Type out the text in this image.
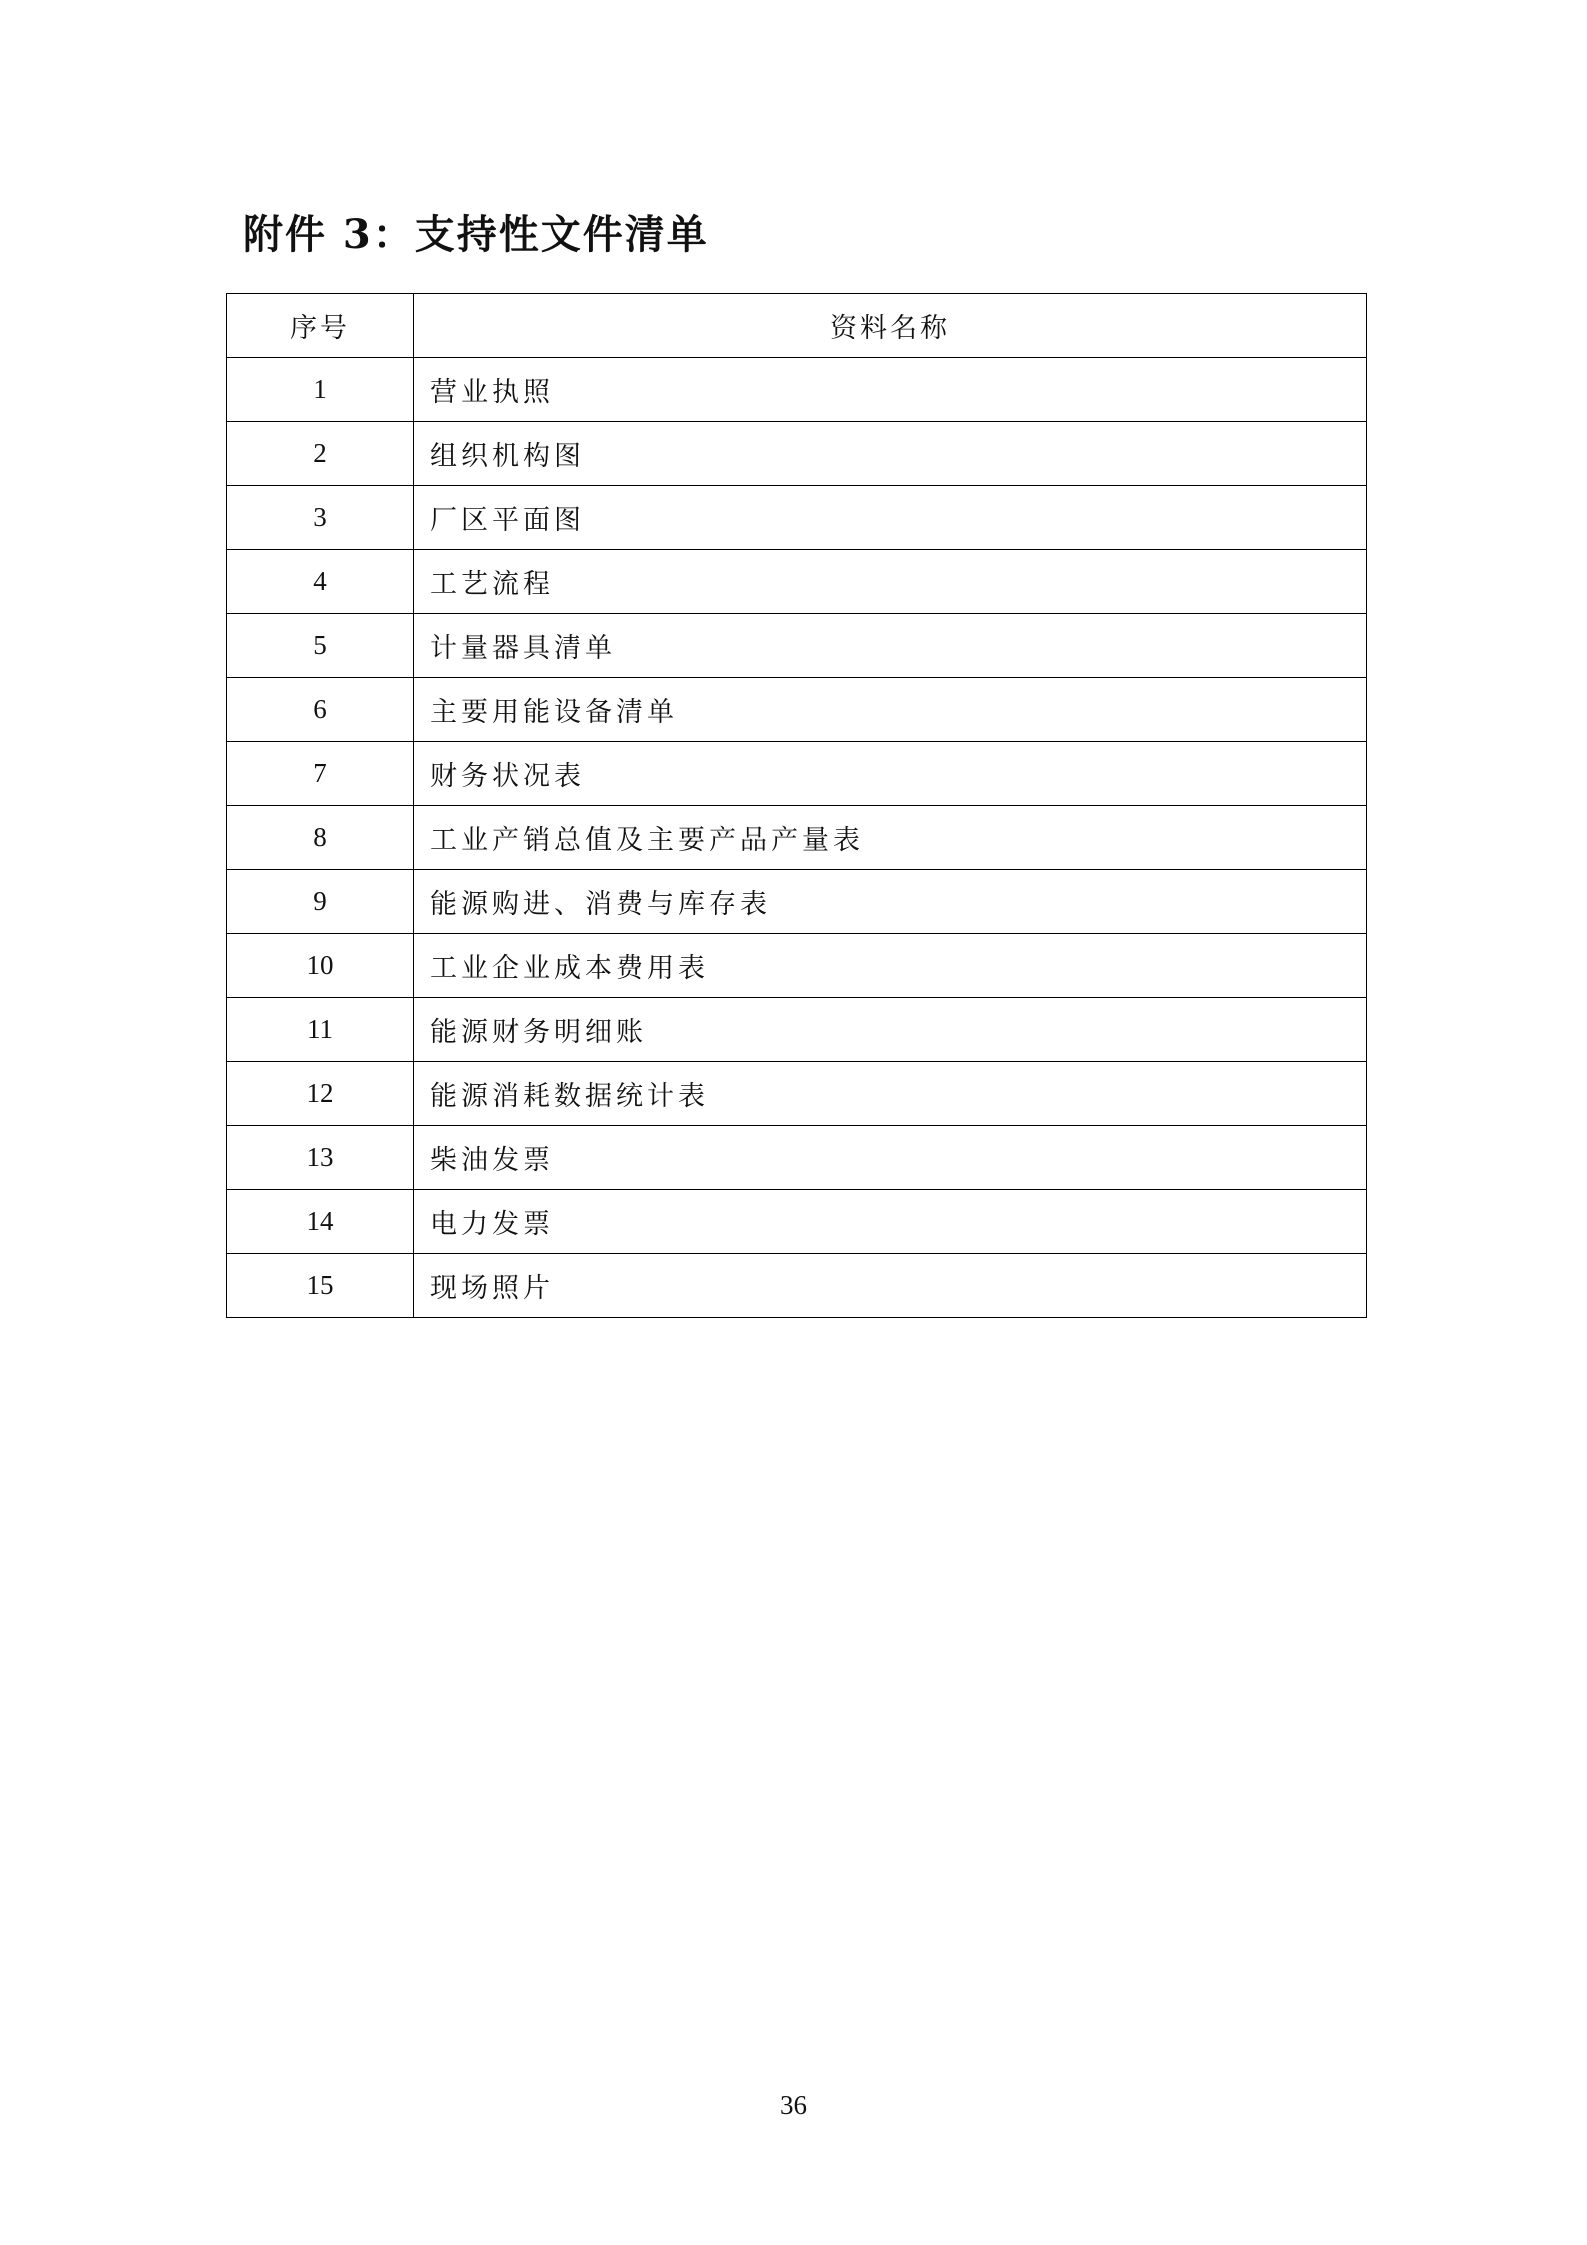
附件 3：支持性文件清单
序号	资料名称
1	营业执照
2	组织机构图
3	厂区平面图
4	工艺流程
5	计量器具清单
6	主要用能设备清单
7	财务状况表
8	工业产销总值及主要产品产量表
9	能源购进、消费与库存表
10	工业企业成本费用表
11	能源财务明细账
12	能源消耗数据统计表
13	柴油发票
14	电力发票
15	现场照片
36
